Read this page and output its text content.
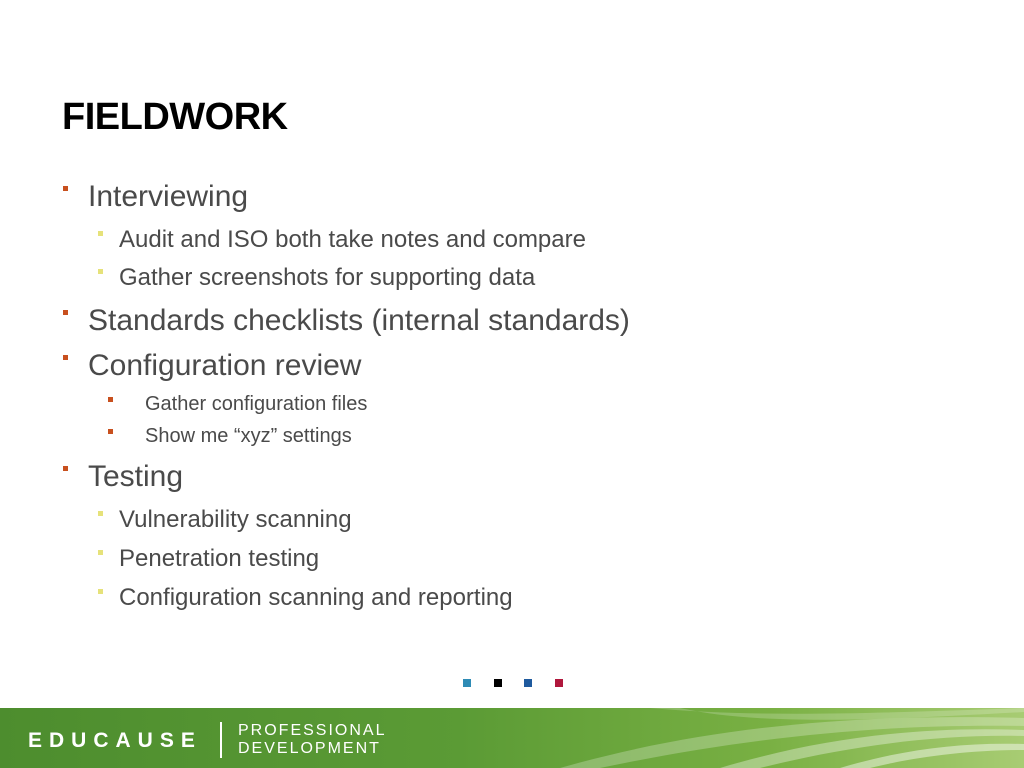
FIELDWORK
Interviewing
Audit and ISO both take notes and compare
Gather screenshots for supporting data
Standards checklists (internal standards)
Configuration review
Gather configuration files
Show me “xyz” settings
Testing
Vulnerability scanning
Penetration testing
Configuration scanning and reporting
EDUCAUSE PROFESSIONAL
DEVELOPMENT
